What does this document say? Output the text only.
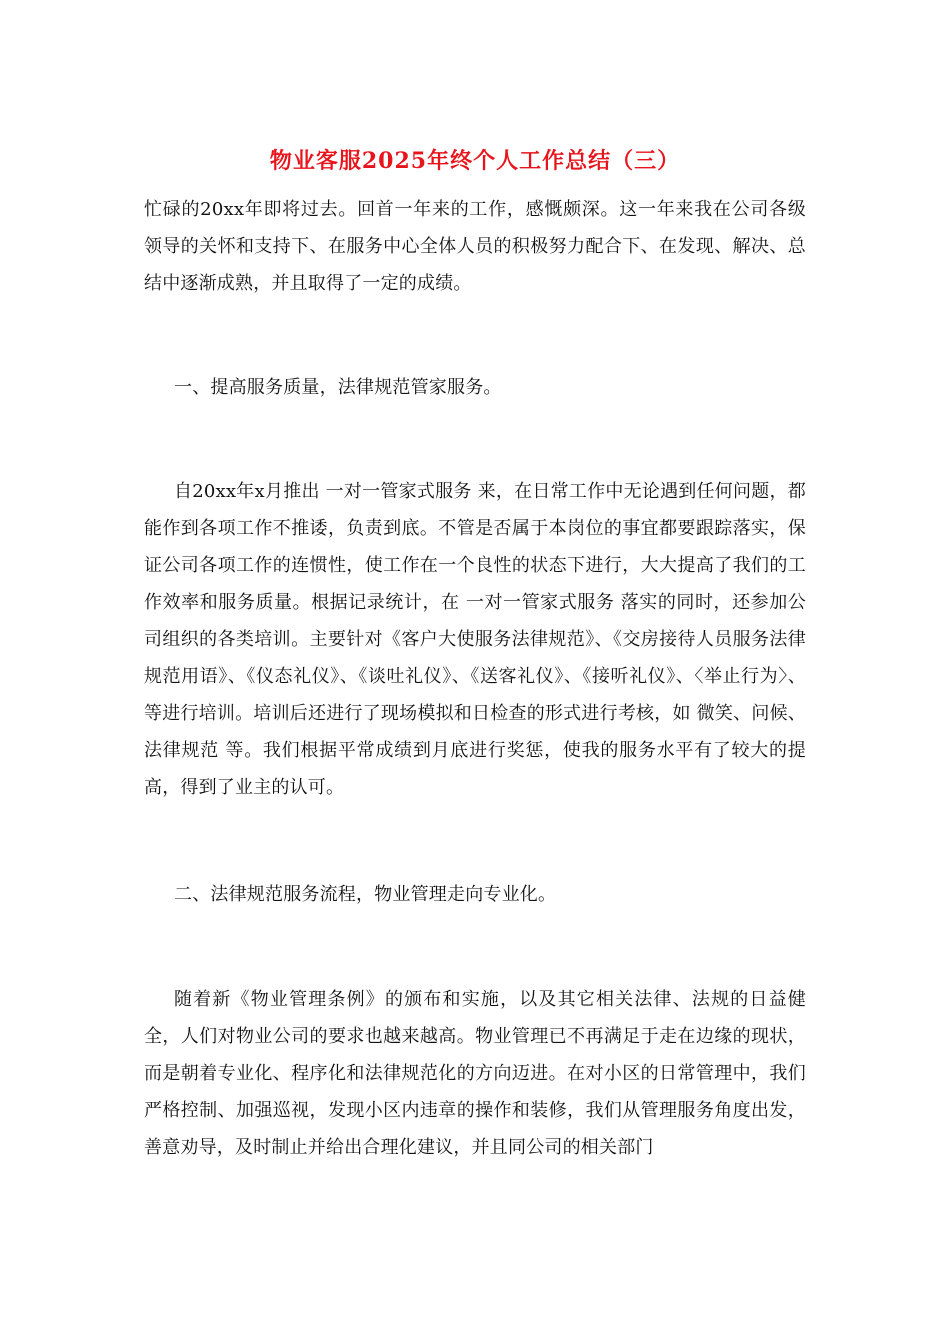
物业客服2025年终个人工作总结（三）
忙碌的20xx年即将过去。回首一年来的工作，感慨颇深。这一年来我在公司各级领导的关怀和支持下、在服务中心全体人员的积极努力配合下、在发现、解决、总结中逐渐成熟，并且取得了一定的成绩。
一、提高服务质量，法律规范管家服务。
自20xx年x月推出 一对一管家式服务 来，在日常工作中无论遇到任何问题，都能作到各项工作不推诿，负责到底。不管是否属于本岗位的事宜都要跟踪落实，保证公司各项工作的连惯性，使工作在一个良性的状态下进行，大大提高了我们的工作效率和服务质量。根据记录统计，在 一对一管家式服务 落实的同时，还参加公司组织的各类培训。主要针对《客户大使服务法律规范》、《交房接待人员服务法律规范用语》、《仪态礼仪》、《谈吐礼仪》、《送客礼仪》、《接听礼仪》、〈举止行为〉、等进行培训。培训后还进行了现场模拟和日检查的形式进行考核，如 微笑、问候、法律规范 等。我们根据平常成绩到月底进行奖惩，使我的服务水平有了较大的提高，得到了业主的认可。
二、法律规范服务流程，物业管理走向专业化。
随着新《物业管理条例》的颁布和实施，以及其它相关法律、法规的日益健全，人们对物业公司的要求也越来越高。物业管理已不再满足于走在边缘的现状，而是朝着专业化、程序化和法律规范化的方向迈进。在对小区的日常管理中，我们严格控制、加强巡视，发现小区内违章的操作和装修，我们从管理服务角度出发，善意劝导，及时制止并给出合理化建议，并且同公司的相关部门
